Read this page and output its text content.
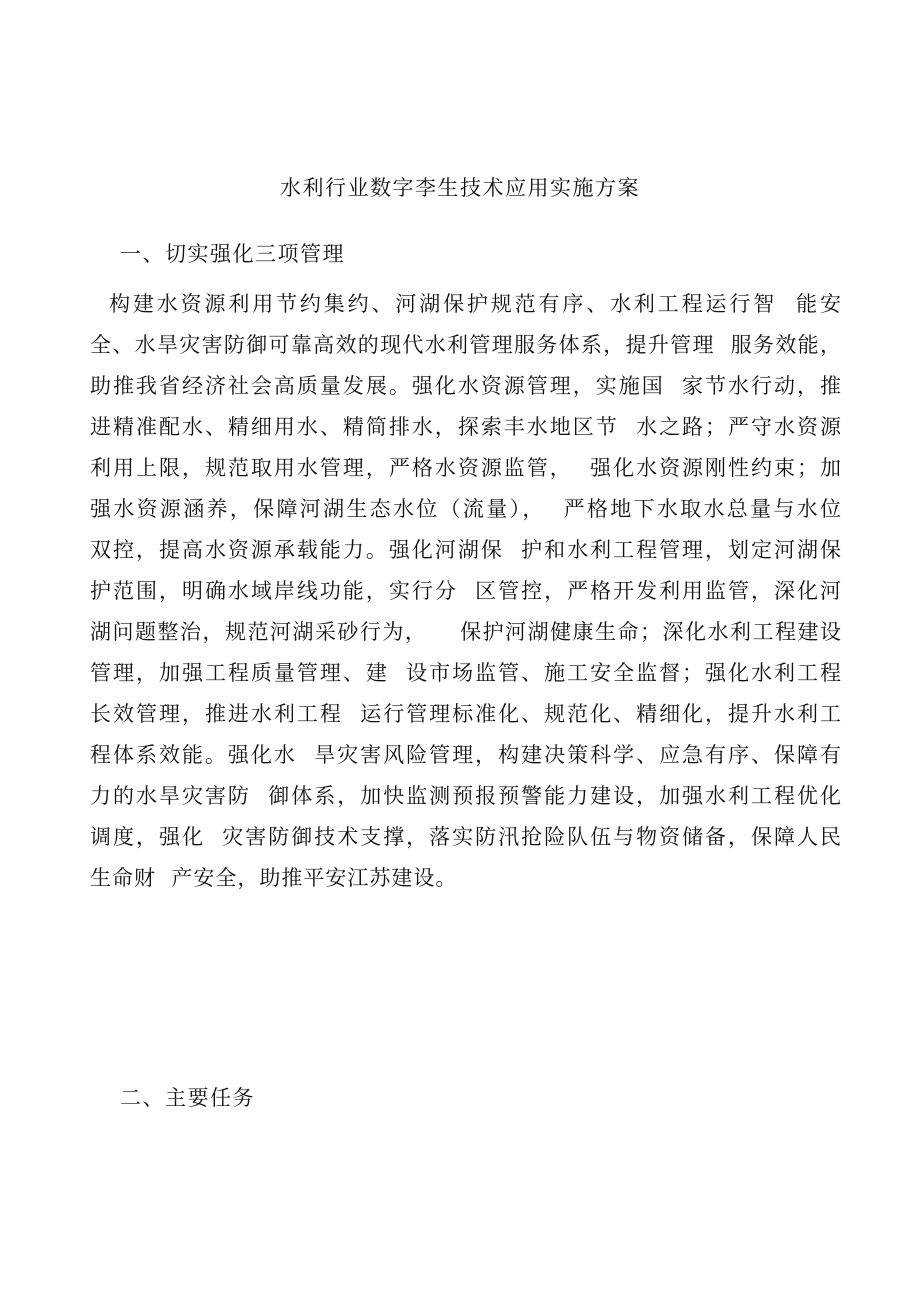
水利行业数字李生技术应用实施方案
一、切实强化三项管理
构建水资源利用节约集约、河湖保护规范有序、水利工程运行智  能安
全、水旱灾害防御可靠高效的现代水利管理服务体系，提升管理  服务效能，
助推我省经济社会高质量发展。强化水资源管理，实施国  家节水行动，推
进精准配水、精细用水、精简排水，探索丰水地区节  水之路；严守水资源
利用上限，规范取用水管理，严格水资源监管，  强化水资源刚性约束；加
强水资源涵养，保障河湖生态水位（流量），  严格地下水取水总量与水位
双控，提高水资源承载能力。强化河湖保  护和水利工程管理，划定河湖保
护范围，明确水域岸线功能，实行分  区管控，严格开发利用监管，深化河
湖问题整治，规范河湖采砂行为，    保护河湖健康生命；深化水利工程建设
管理，加强工程质量管理、建  设市场监管、施工安全监督；强化水利工程
长效管理，推进水利工程  运行管理标准化、规范化、精细化，提升水利工
程体系效能。强化水  旱灾害风险管理，构建决策科学、应急有序、保障有
力的水旱灾害防  御体系，加快监测预报预警能力建设，加强水利工程优化
调度，强化  灾害防御技术支撑，落实防汛抢险队伍与物资储备，保障人民
生命财  产安全，助推平安江苏建设。
二、主要任务
